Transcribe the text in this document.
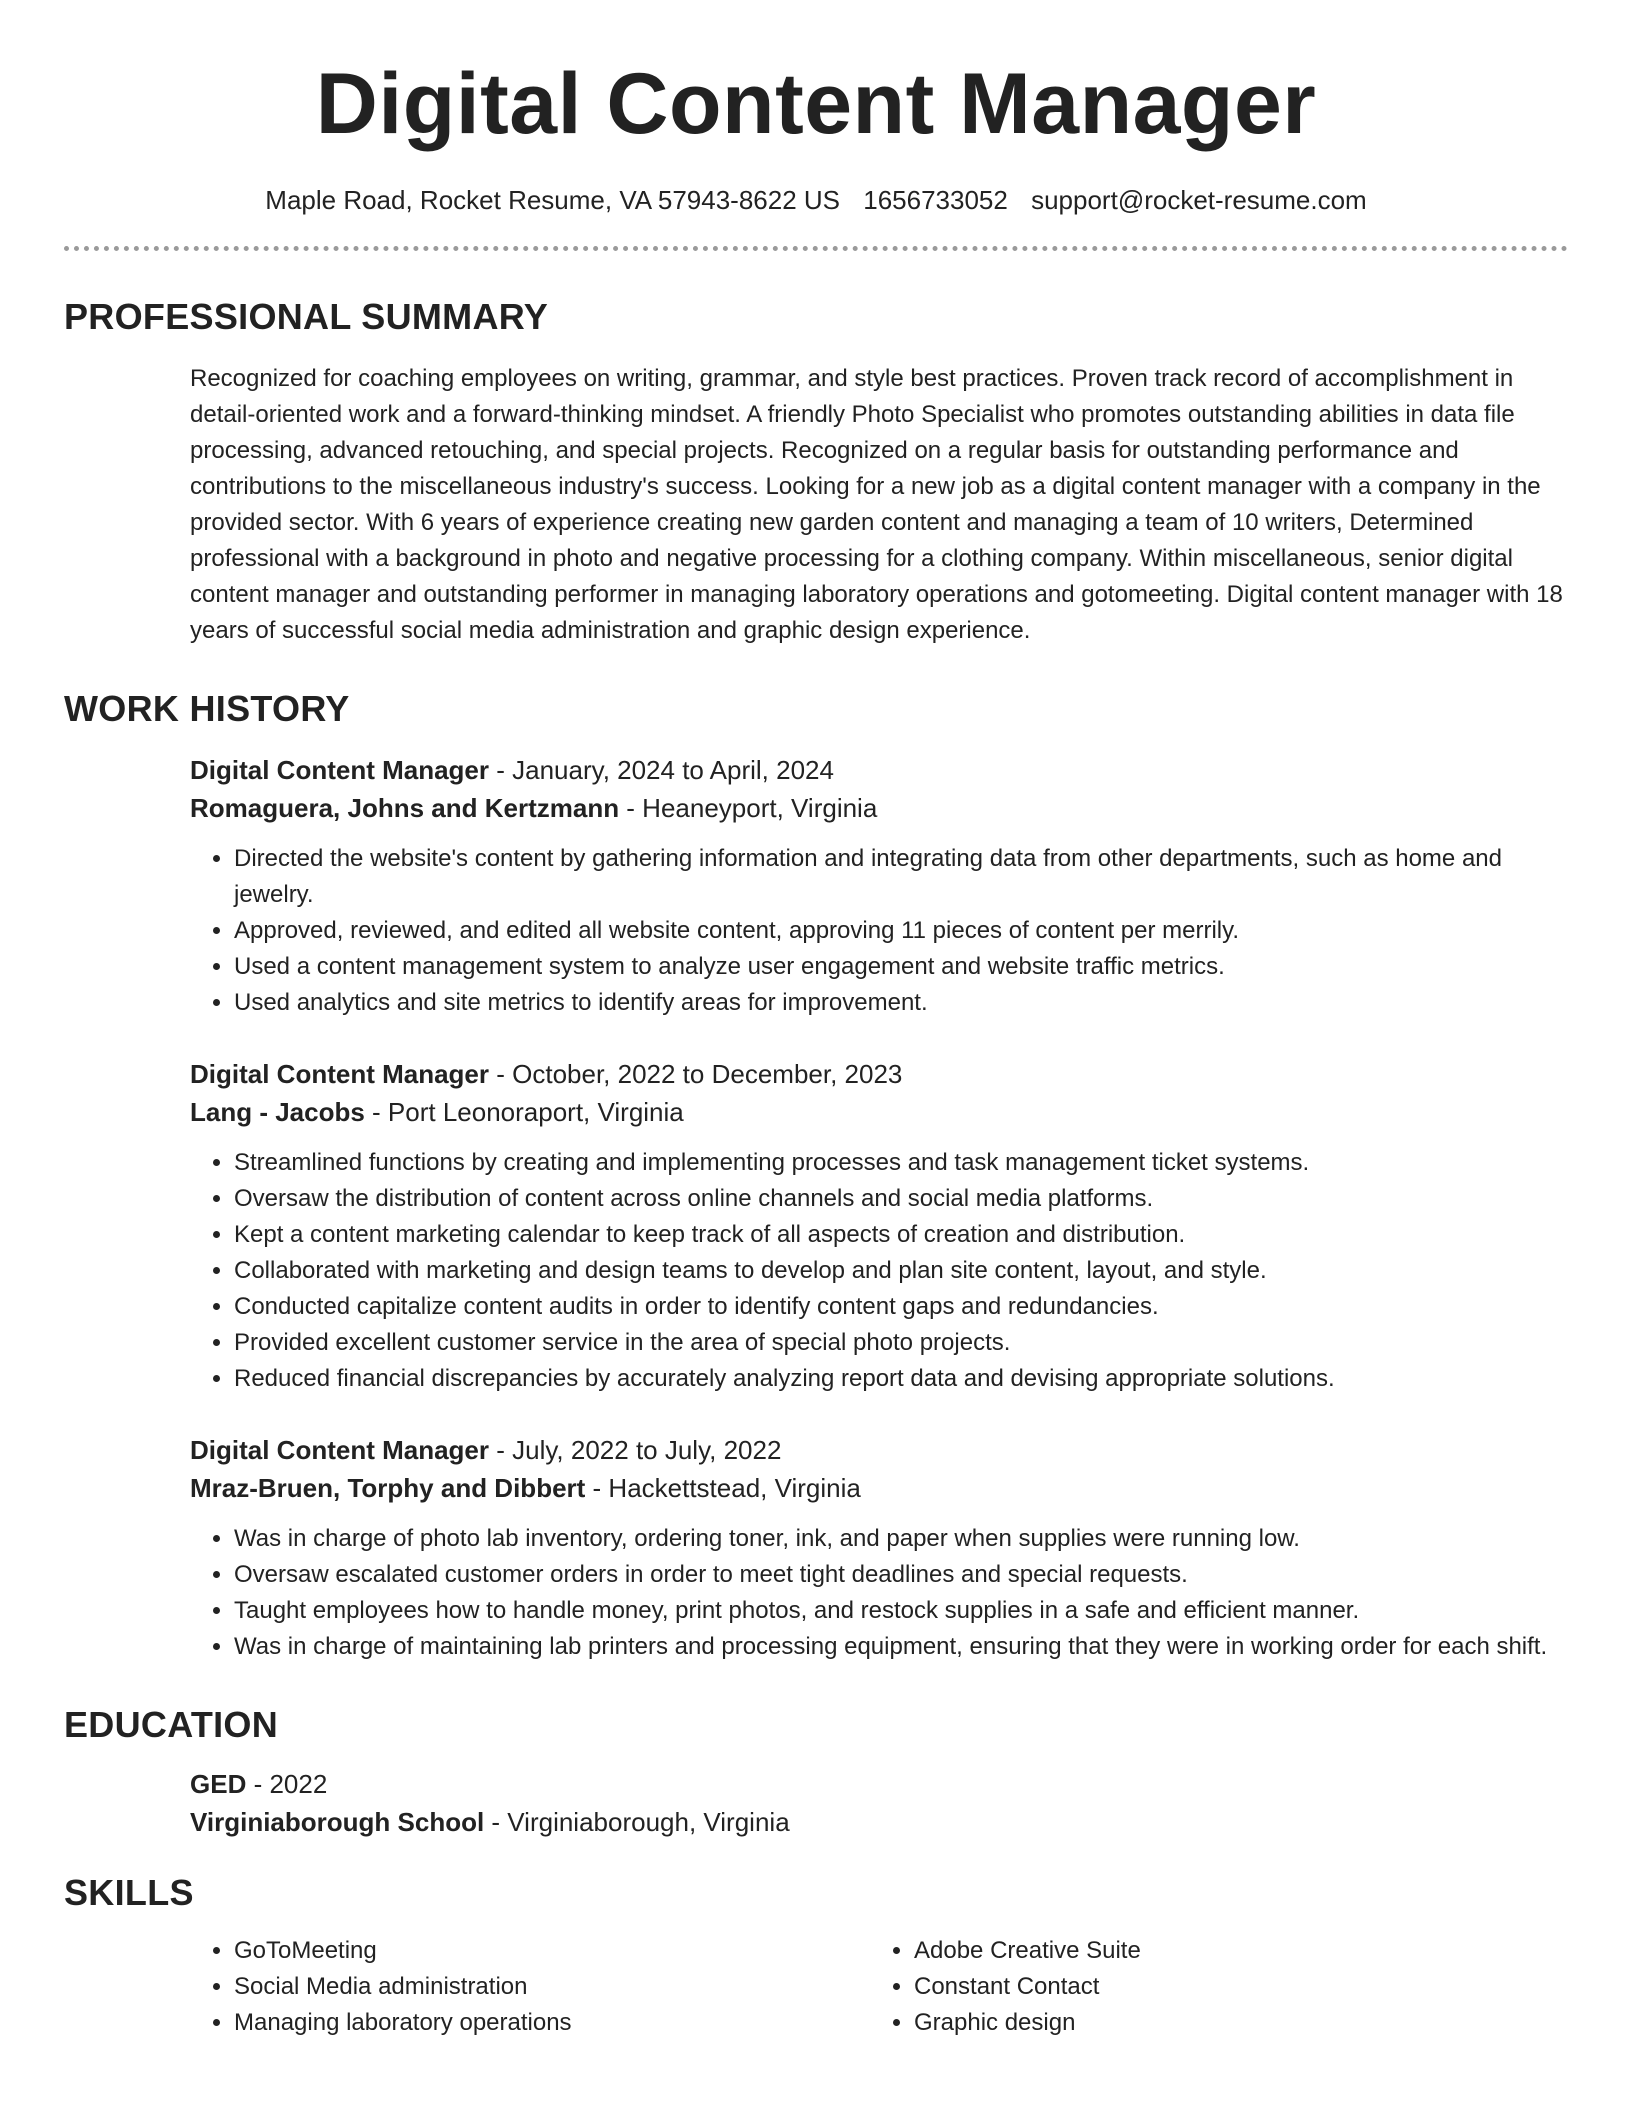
Digital Content Manager
Maple Road, Rocket Resume, VA 57943-8622 US 1656733052 support@rocket-resume.com
PROFESSIONAL SUMMARY

Recognized for coaching employees on writing, grammar, and style best practices. Proven track record of accomplishment in detail-oriented work and a forward-thinking mindset. A friendly Photo Specialist who promotes outstanding abilities in data file processing, advanced retouching, and special projects. Recognized on a regular basis for outstanding performance and contributions to the miscellaneous industry's success. Looking for a new job as a digital content manager with a company in the provided sector. With 6 years of experience creating new garden content and managing a team of 10 writers, Determined professional with a background in photo and negative processing for a clothing company. Within miscellaneous, senior digital content manager and outstanding performer in managing laboratory operations and gotomeeting. Digital content manager with 18 years of successful social media administration and graphic design experience.

WORK HISTORY
Digital Content Manager - January, 2024 to April, 2024
Romaguera, Johns and Kertzmann - Heaneyport, Virginia
• Directed the website's content by gathering information and integrating data from other departments, such as home and jewelry.
• Approved, reviewed, and edited all website content, approving 11 pieces of content per merrily.
• Used a content management system to analyze user engagement and website traffic metrics.
• Used analytics and site metrics to identify areas for improvement.
Digital Content Manager - October, 2022 to December, 2023
Lang - Jacobs - Port Leonoraport, Virginia
• Streamlined functions by creating and implementing processes and task management ticket systems.
• Oversaw the distribution of content across online channels and social media platforms.
• Kept a content marketing calendar to keep track of all aspects of creation and distribution.
• Collaborated with marketing and design teams to develop and plan site content, layout, and style.
• Conducted capitalize content audits in order to identify content gaps and redundancies.
• Provided excellent customer service in the area of special photo projects.
• Reduced financial discrepancies by accurately analyzing report data and devising appropriate solutions.
Digital Content Manager - July, 2022 to July, 2022
Mraz-Bruen, Torphy and Dibbert - Hackettstead, Virginia
• Was in charge of photo lab inventory, ordering toner, ink, and paper when supplies were running low.
• Oversaw escalated customer orders in order to meet tight deadlines and special requests.
• Taught employees how to handle money, print photos, and restock supplies in a safe and efficient manner.
• Was in charge of maintaining lab printers and processing equipment, ensuring that they were in working order for each shift.
EDUCATION
GED - 2022
Virginiaborough School - Virginiaborough, Virginia
SKILLS
• GoToMeeting
• Social Media administration
• Managing laboratory operations
• Adobe Creative Suite
• Constant Contact
• Graphic design
